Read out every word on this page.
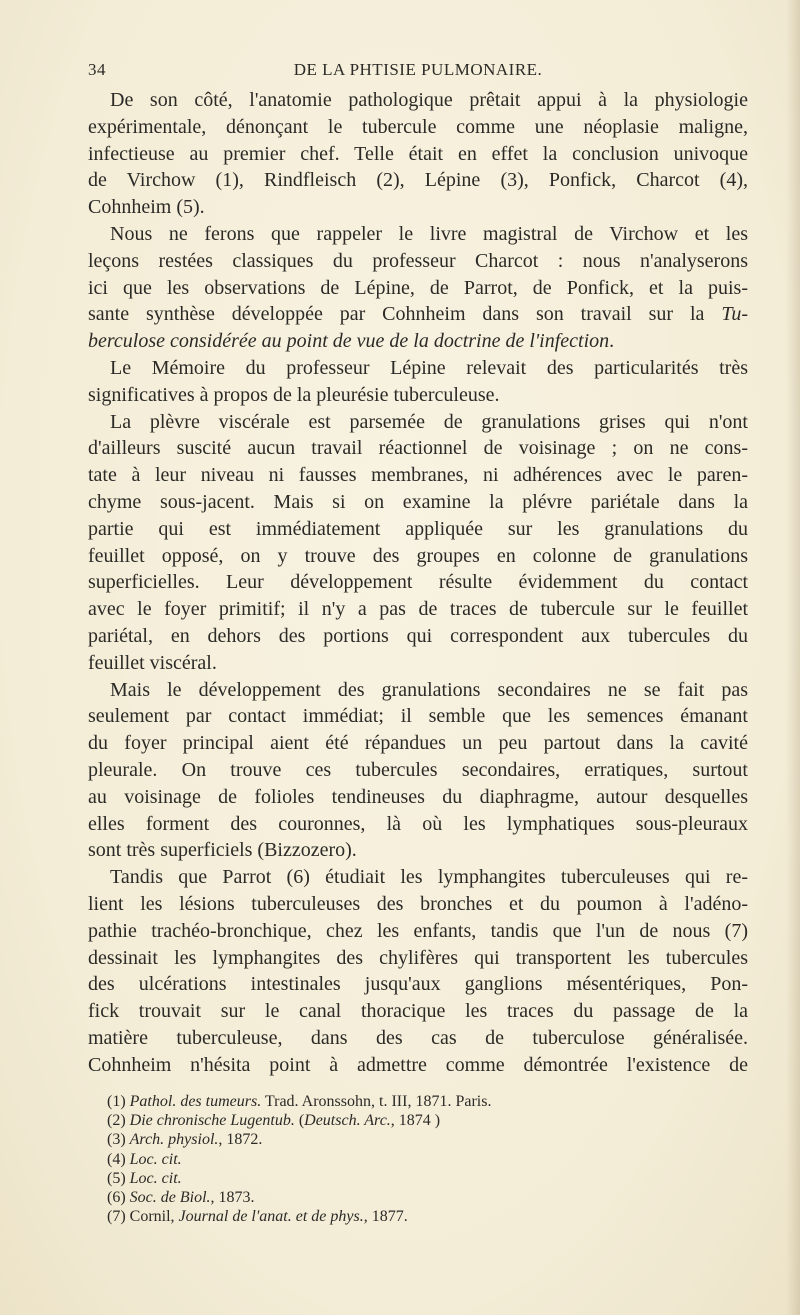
34	DE LA PHTISIE PULMONAIRE.
De son côté, l'anatomie pathologique prêtait appui à la physiologie
expérimentale, dénonçant le tubercule comme une néoplasie maligne,
infectieuse au premier chef. Telle était en effet la conclusion univoque
de Virchow (1), Rindfleisch (2), Lépine (3), Ponfick, Charcot (4),
Cohnheim (5).
Nous ne ferons que rappeler le livre magistral de Virchow et les
leçons restées classiques du professeur Charcot : nous n'analyserons
ici que les observations de Lépine, de Parrot, de Ponfick, et la puis-
sante synthèse développée par Cohnheim dans son travail sur la Tu-
berculose considérée au point de vue de la doctrine de l'infection.
Le Mémoire du professeur Lépine relevait des particularités très
significatives à propos de la pleurésie tuberculeuse.
La plèvre viscérale est parsemée de granulations grises qui n'ont
d'ailleurs suscité aucun travail réactionnel de voisinage ; on ne cons-
tate à leur niveau ni fausses membranes, ni adhérences avec le paren-
chyme sous-jacent. Mais si on examine la plévre pariétale dans la
partie qui est immédiatement appliquée sur les granulations du
feuillet opposé, on y trouve des groupes en colonne de granulations
superficielles. Leur développement résulte évidemment du contact
avec le foyer primitif; il n'y a pas de traces de tubercule sur le feuillet
pariétal, en dehors des portions qui correspondent aux tubercules du
feuillet viscéral.
Mais le développement des granulations secondaires ne se fait pas
seulement par contact immédiat; il semble que les semences émanant
du foyer principal aient été répandues un peu partout dans la cavité
pleurale. On trouve ces tubercules secondaires, erratiques, surtout
au voisinage de folioles tendineuses du diaphragme, autour desquelles
elles forment des couronnes, là où les lymphatiques sous-pleuraux
sont très superficiels (Bizzozero).
Tandis que Parrot (6) étudiait les lymphangites tuberculeuses qui re-
lient les lésions tuberculeuses des bronches et du poumon à l'adéno-
pathie trachéo-bronchique, chez les enfants, tandis que l'un de nous (7)
dessinait les lymphangites des chylifères qui transportent les tubercules
des ulcérations intestinales jusqu'aux ganglions mésentériques, Pon-
fick trouvait sur le canal thoracique les traces du passage de la
matière tuberculeuse, dans des cas de tuberculose généralisée.
Cohnheim n'hésita point à admettre comme démontrée l'existence de
(1) Pathol. des tumeurs. Trad. Aronssohn, t. III, 1871. Paris.
(2) Die chronische Lugentub. (Deutsch. Arc., 1874 )
(3) Arch. physiol., 1872.
(4) Loc. cit.
(5) Loc. cit.
(6) Soc. de Biol., 1873.
(7) Cornil, Journal de l'anat. et de phys., 1877.
